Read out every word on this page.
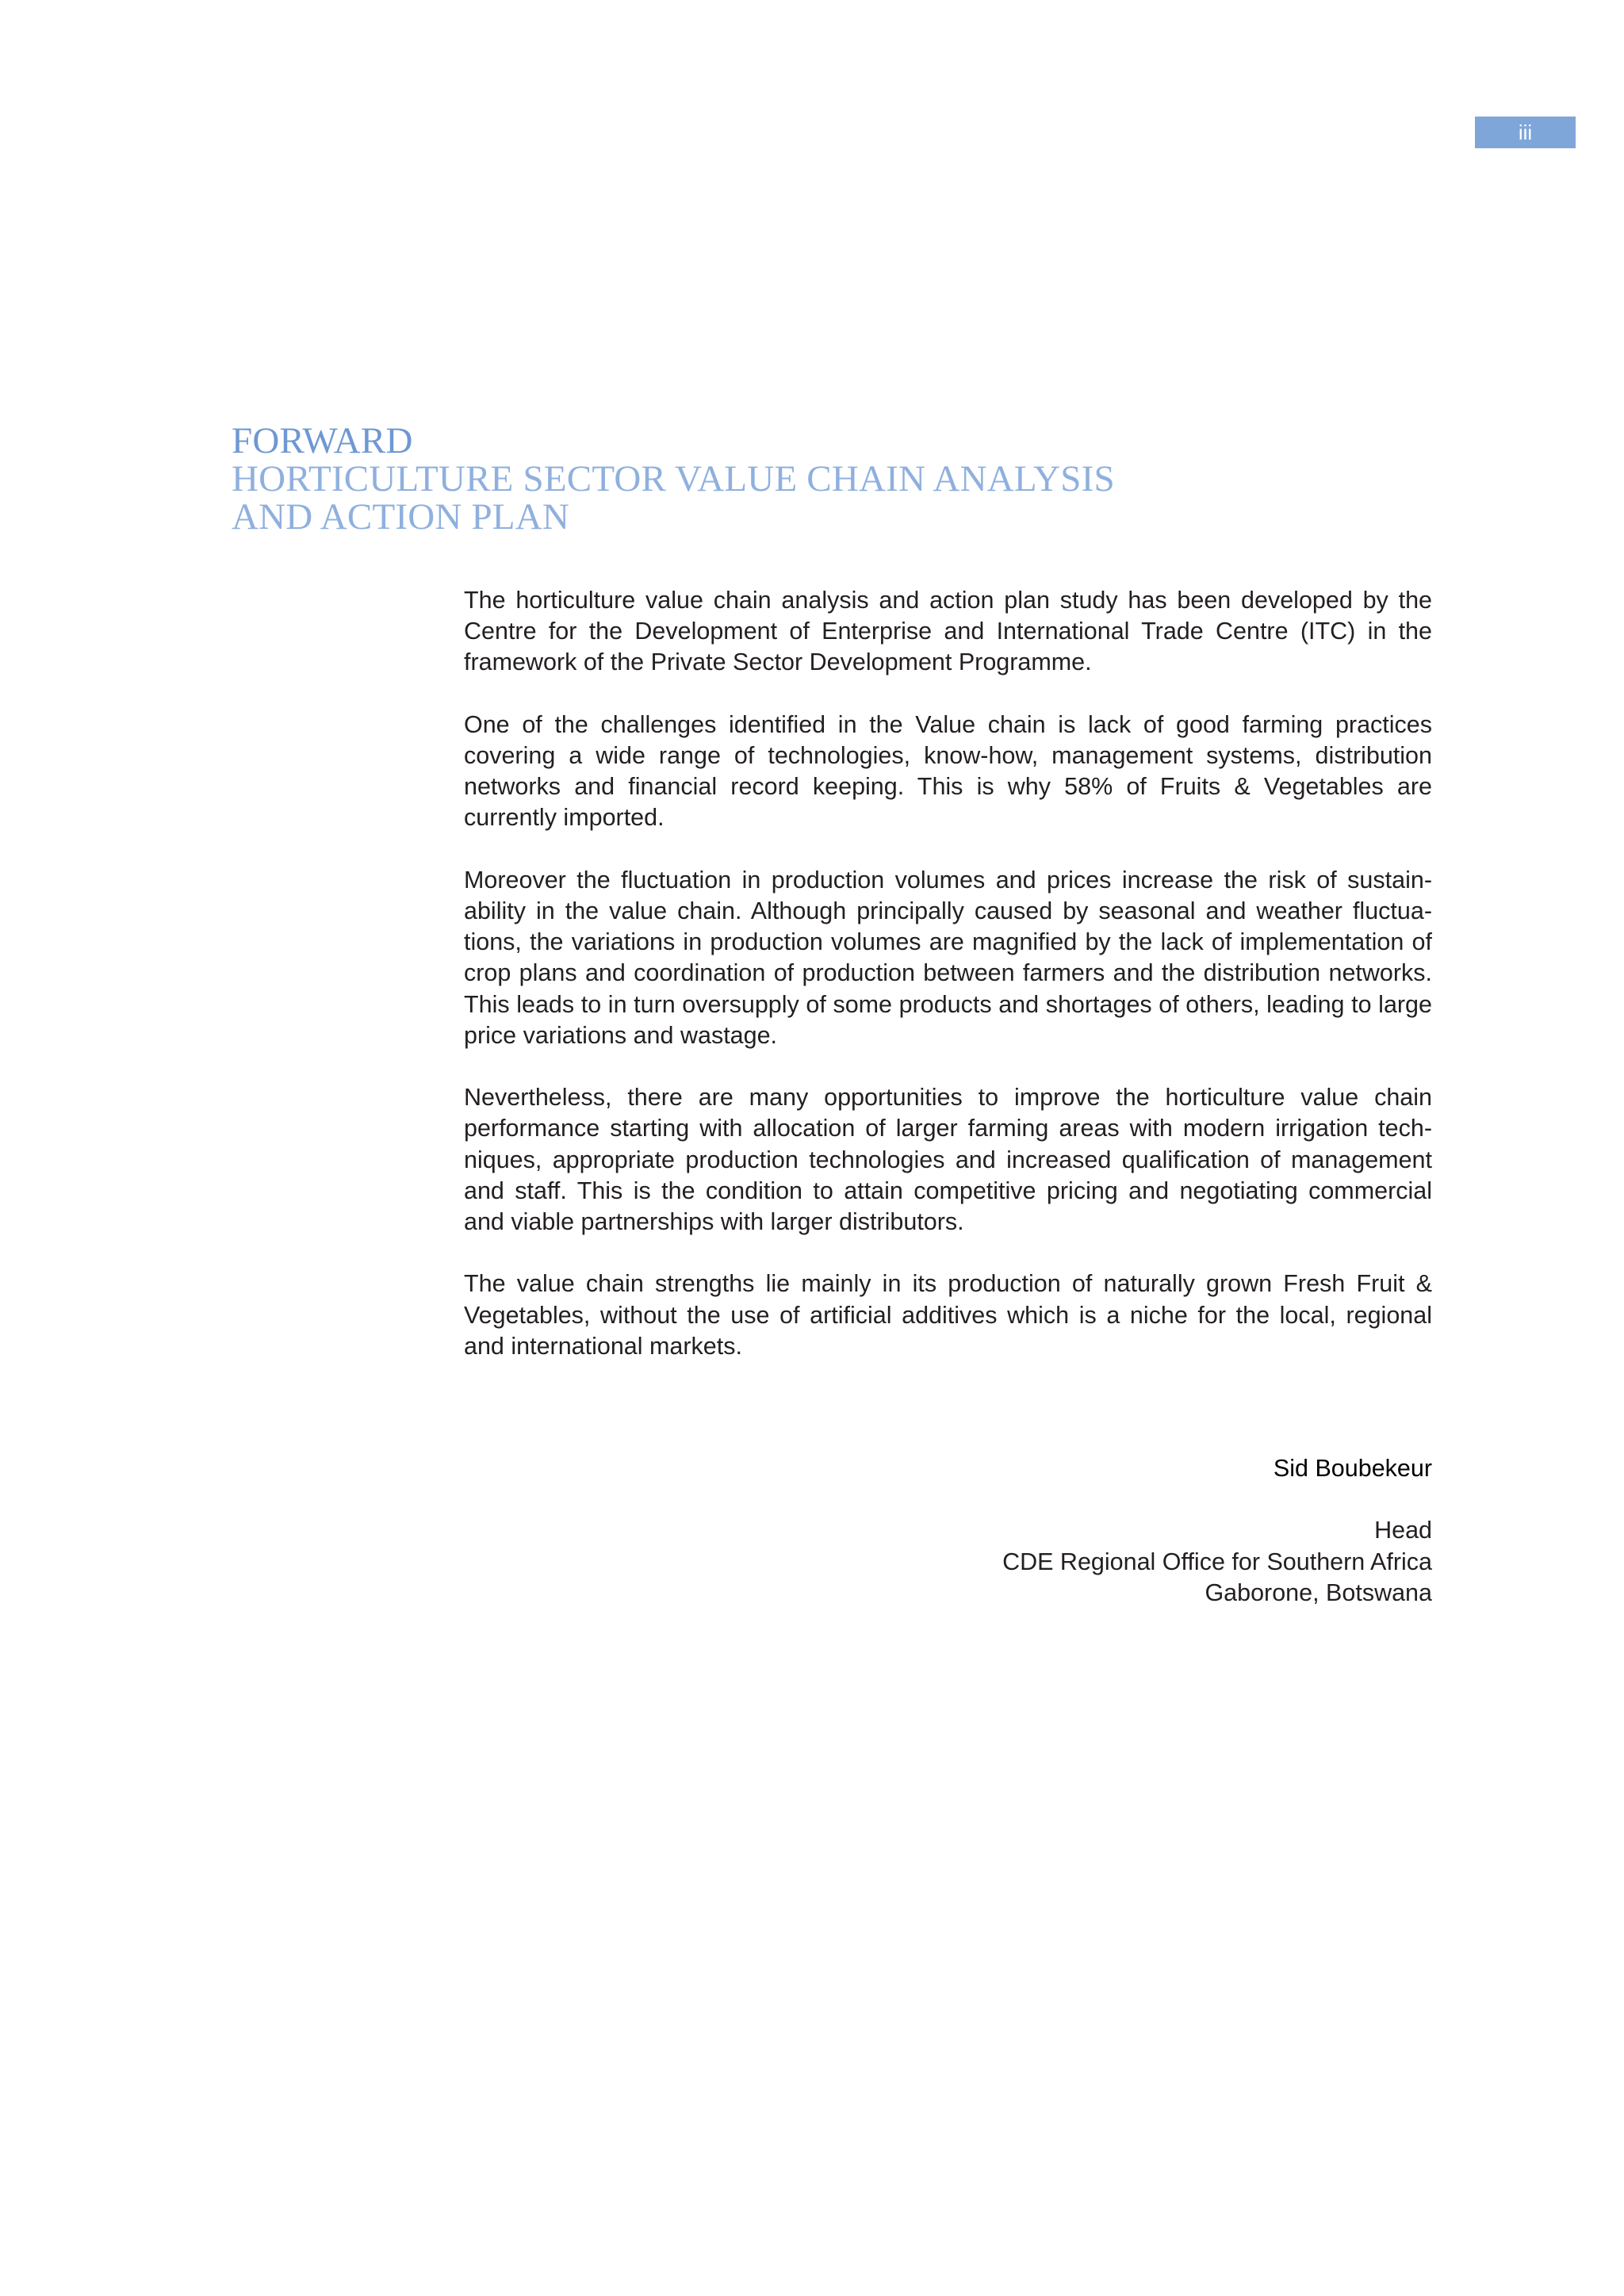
iii
FORWARD
HORTICULTURE SECTOR VALUE CHAIN ANALYSIS
AND ACTION PLAN

The horticulture value chain analysis and action plan study has been developed by the Centre for the Development of Enterprise and International Trade Centre (ITC) in the framework of the Private Sector Development Programme.

One of the challenges identified in the Value chain is lack of good farming practices covering a wide range of technologies, know-how, management systems, distribution networks and financial record keeping. This is why 58% of Fruits & Vegetables are currently imported.

Moreover the fluctuation in production volumes and prices increase the risk of sustainability in the value chain. Although principally caused by seasonal and weather fluctuations, the variations in production volumes are magnified by the lack of implementation of crop plans and coordination of production between farmers and the distribution networks. This leads to in turn oversupply of some products and shortages of others, leading to large price variations and wastage.

Nevertheless, there are many opportunities to improve the horticulture value chain performance starting with allocation of larger farming areas with modern irrigation techniques, appropriate production technologies and increased qualification of management and staff. This is the condition to attain competitive pricing and negotiating commercial and viable partnerships with larger distributors.

The value chain strengths lie mainly in its production of naturally grown Fresh Fruit & Vegetables, without the use of artificial additives which is a niche for the local, regional and international markets.

Sid Boubekeur
Head
CDE Regional Office for Southern Africa
Gaborone, Botswana
